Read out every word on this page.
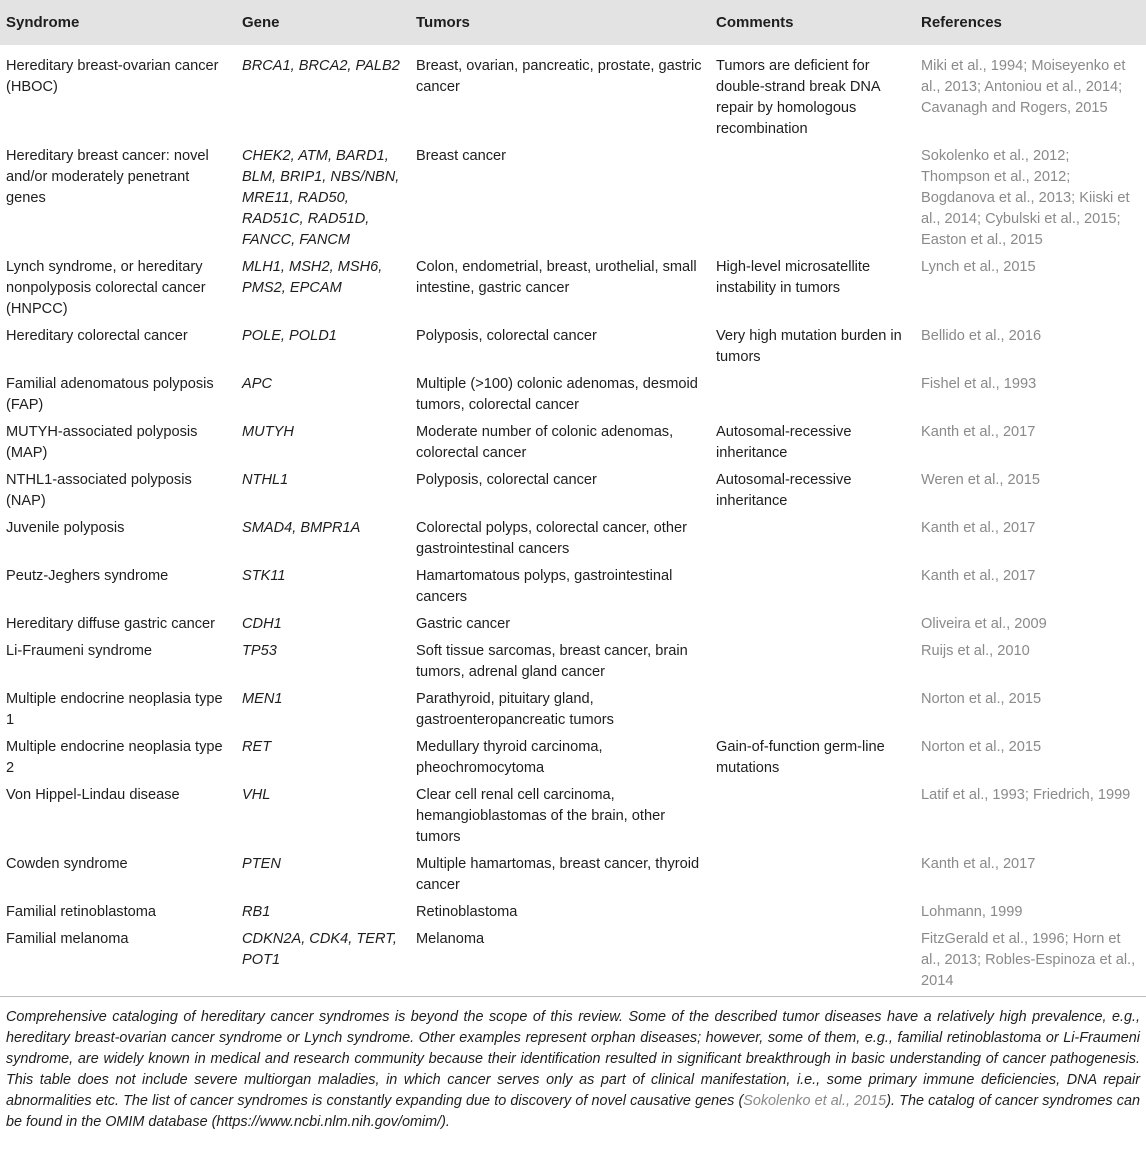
Syndrome	Gene	Tumors	Comments	References
Hereditary breast-ovarian cancer (HBOC)	BRCA1, BRCA2, PALB2	Breast, ovarian, pancreatic, prostate, gastric cancer	Tumors are deficient for double-strand break DNA repair by homologous recombination	Miki et al., 1994; Moiseyenko et al., 2013; Antoniou et al., 2014; Cavanagh and Rogers, 2015
Hereditary breast cancer: novel and/or moderately penetrant genes	CHEK2, ATM, BARD1, BLM, BRIP1, NBS/NBN, MRE11, RAD50, RAD51C, RAD51D, FANCC, FANCM	Breast cancer		Sokolenko et al., 2012; Thompson et al., 2012; Bogdanova et al., 2013; Kiiski et al., 2014; Cybulski et al., 2015; Easton et al., 2015
Lynch syndrome, or hereditary nonpolyposis colorectal cancer (HNPCC)	MLH1, MSH2, MSH6, PMS2, EPCAM	Colon, endometrial, breast, urothelial, small intestine, gastric cancer	High-level microsatellite instability in tumors	Lynch et al., 2015
Hereditary colorectal cancer	POLE, POLD1	Polyposis, colorectal cancer	Very high mutation burden in tumors	Bellido et al., 2016
Familial adenomatous polyposis (FAP)	APC	Multiple (>100) colonic adenomas, desmoid tumors, colorectal cancer		Fishel et al., 1993
MUTYH-associated polyposis (MAP)	MUTYH	Moderate number of colonic adenomas, colorectal cancer	Autosomal-recessive inheritance	Kanth et al., 2017
NTHL1-associated polyposis (NAP)	NTHL1	Polyposis, colorectal cancer	Autosomal-recessive inheritance	Weren et al., 2015
Juvenile polyposis	SMAD4, BMPR1A	Colorectal polyps, colorectal cancer, other gastrointestinal cancers		Kanth et al., 2017
Peutz-Jeghers syndrome	STK11	Hamartomatous polyps, gastrointestinal cancers		Kanth et al., 2017
Hereditary diffuse gastric cancer	CDH1	Gastric cancer		Oliveira et al., 2009
Li-Fraumeni syndrome	TP53	Soft tissue sarcomas, breast cancer, brain tumors, adrenal gland cancer		Ruijs et al., 2010
Multiple endocrine neoplasia type 1	MEN1	Parathyroid, pituitary gland, gastroenteropancreatic tumors		Norton et al., 2015
Multiple endocrine neoplasia type 2	RET	Medullary thyroid carcinoma, pheochromocytoma	Gain-of-function germ-line mutations	Norton et al., 2015
Von Hippel-Lindau disease	VHL	Clear cell renal cell carcinoma, hemangioblastomas of the brain, other tumors		Latif et al., 1993; Friedrich, 1999
Cowden syndrome	PTEN	Multiple hamartomas, breast cancer, thyroid cancer		Kanth et al., 2017
Familial retinoblastoma	RB1	Retinoblastoma		Lohmann, 1999
Familial melanoma	CDKN2A, CDK4, TERT, POT1	Melanoma		FitzGerald et al., 1996; Horn et al., 2013; Robles-Espinoza et al., 2014
Comprehensive cataloging of hereditary cancer syndromes is beyond the scope of this review. Some of the described tumor diseases have a relatively high prevalence, e.g., hereditary breast-ovarian cancer syndrome or Lynch syndrome. Other examples represent orphan diseases; however, some of them, e.g., familial retinoblastoma or Li-Fraumeni syndrome, are widely known in medical and research community because their identification resulted in significant breakthrough in basic understanding of cancer pathogenesis. This table does not include severe multiorgan maladies, in which cancer serves only as part of clinical manifestation, i.e., some primary immune deficiencies, DNA repair abnormalities etc. The list of cancer syndromes is constantly expanding due to discovery of novel causative genes (Sokolenko et al., 2015). The catalog of cancer syndromes can be found in the OMIM database (https://www.ncbi.nlm.nih.gov/omim/).
